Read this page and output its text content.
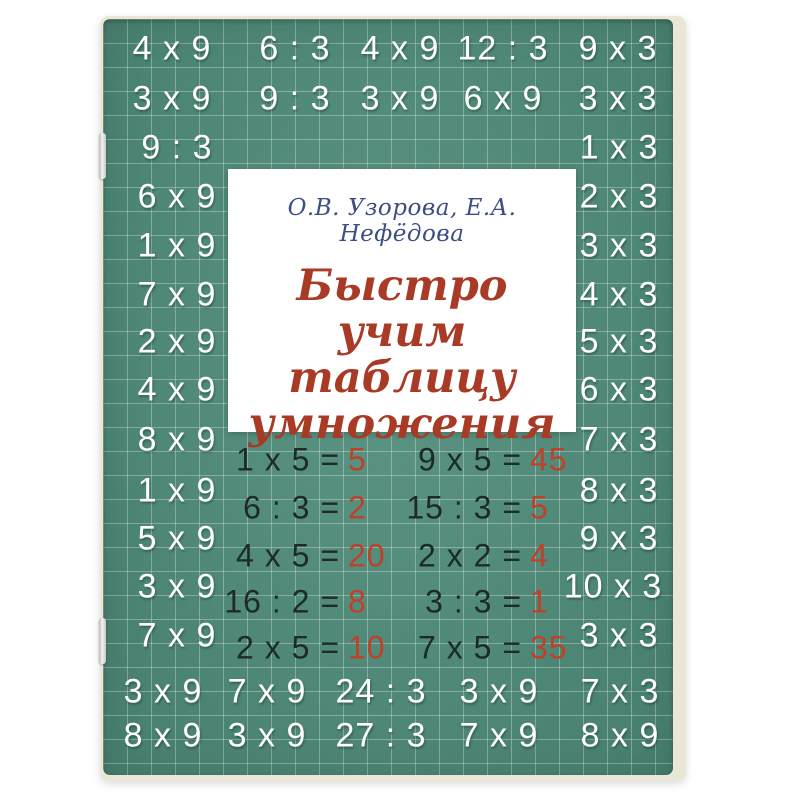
4 x 9 6 : 3 4 x 9 12 : 3 9 x 3
3 x 9 9 : 3 3 x 9 6 x 9 3 x 3
9 : 3
6 x 9
1 x 9
7 x 9
2 x 9
4 x 9
8 x 9
1 x 9
5 x 9
3 x 9
7 x 9
1 x 3
2 x 3
3 x 3
4 x 3
5 x 3
6 x 3
7 x 3
8 x 3
9 x 3
10 x 3
3 x 3
О.В. Узорова, Е.А. Нефёдова
Быстро учим
таблицу
умножения
1 x 5 = 5
6 : 3 = 2
4 x 5 = 20
16 : 2 = 8
2 x 5 = 10
9 x 5 = 45
15 : 3 = 5
2 x 2 = 4
3 : 3 = 1
7 x 5 = 35
3 x 9 7 x 9 24 : 3 3 x 9 7 x 3
8 x 9 3 x 9 27 : 3 7 x 9 8 x 9
